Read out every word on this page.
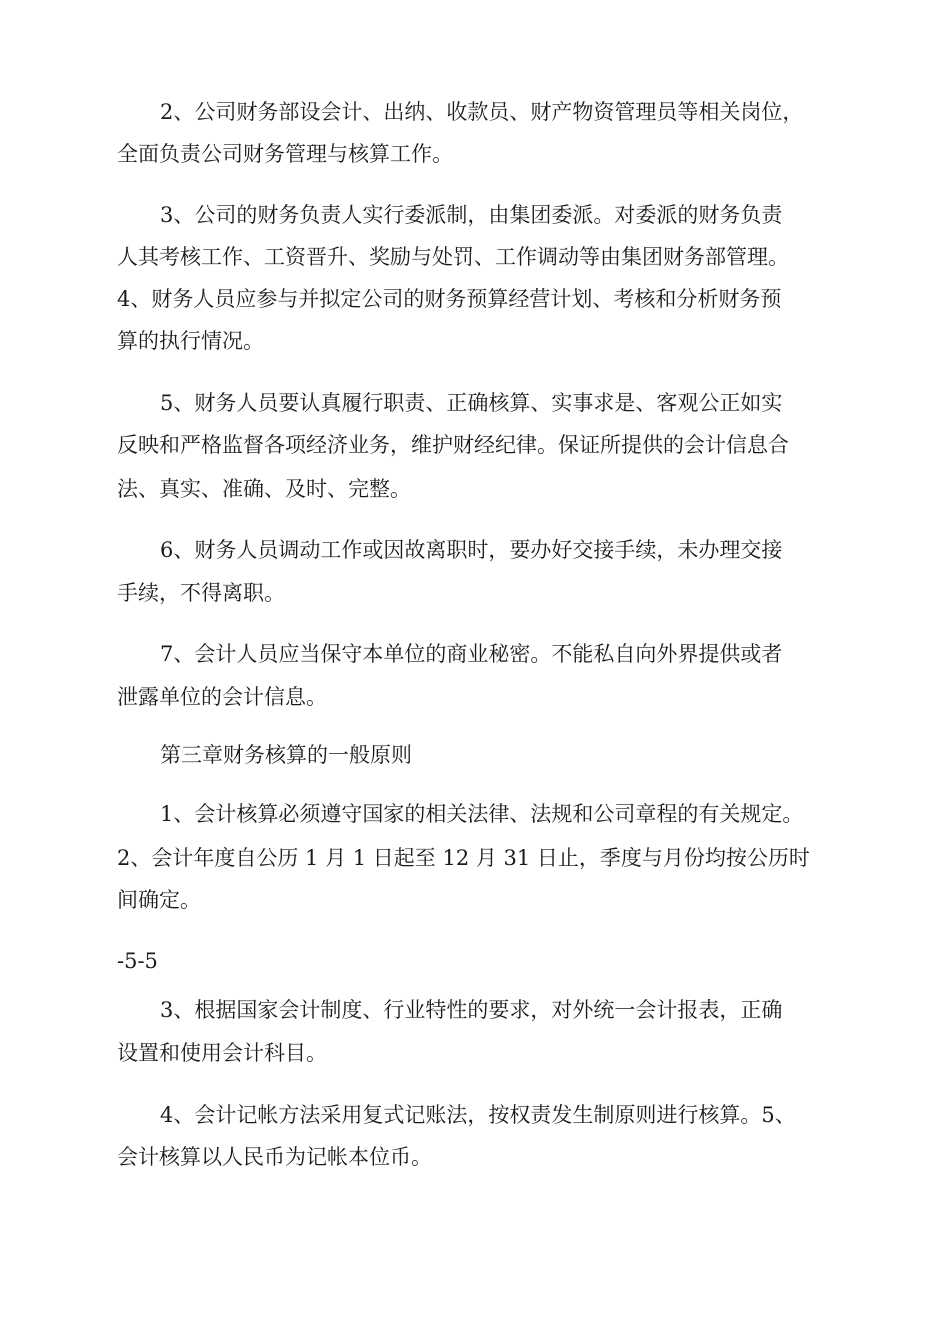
2、公司财务部设会计、出纳、收款员、财产物资管理员等相关岗位，
全面负责公司财务管理与核算工作。
3、公司的财务负责人实行委派制，由集团委派。对委派的财务负责
人其考核工作、工资晋升、奖励与处罚、工作调动等由集团财务部管理。
4、财务人员应参与并拟定公司的财务预算经营计划、考核和分析财务预
算的执行情况。
5、财务人员要认真履行职责、正确核算、实事求是、客观公正如实
反映和严格监督各项经济业务，维护财经纪律。保证所提供的会计信息合
法、真实、准确、及时、完整。
6、财务人员调动工作或因故离职时，要办好交接手续，未办理交接
手续，不得离职。
7、会计人员应当保守本单位的商业秘密。不能私自向外界提供或者
泄露单位的会计信息。
第三章财务核算的一般原则
1、会计核算必须遵守国家的相关法律、法规和公司章程的有关规定。
2、会计年度自公历 1 月 1 日起至 12 月 31 日止，季度与月份均按公历时
间确定。
-5-5
3、根据国家会计制度、行业特性的要求，对外统一会计报表，正确
设置和使用会计科目。
4、会计记帐方法采用复式记账法，按权责发生制原则进行核算。5、
会计核算以人民币为记帐本位币。
